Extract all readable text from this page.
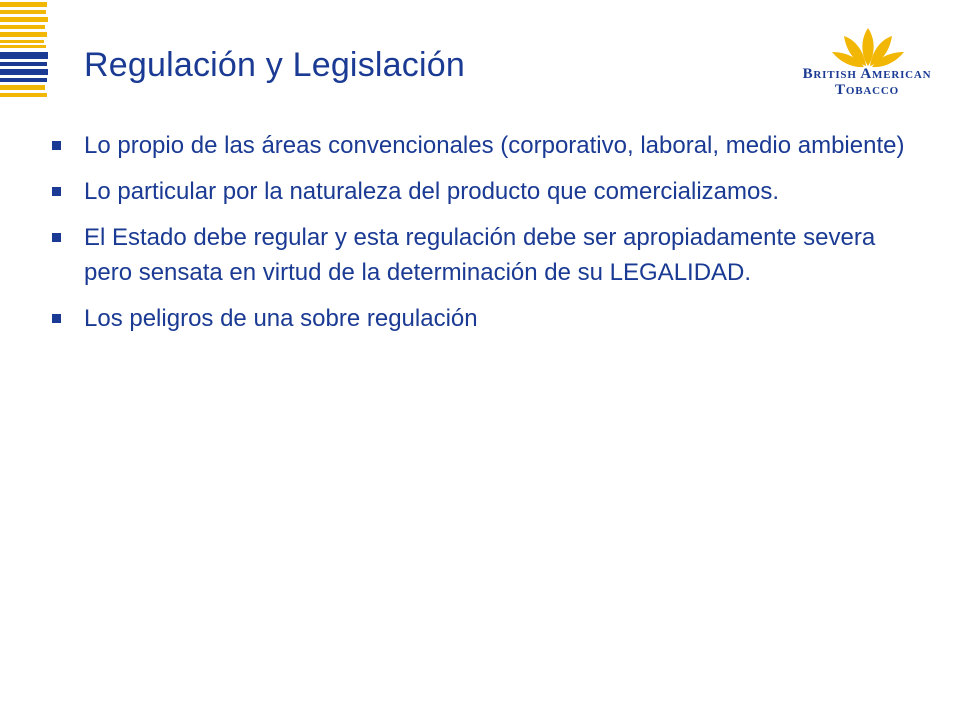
Regulación y Legislación	British American
Tobacco
Lo propio de las áreas convencionales (corporativo, laboral, medio ambiente)
Lo particular por la naturaleza del producto que comercializamos.
El Estado debe regular y esta regulación debe ser apropiadamente severa pero sensata en virtud de la determinación de su LEGALIDAD.
Los peligros de una sobre regulación
